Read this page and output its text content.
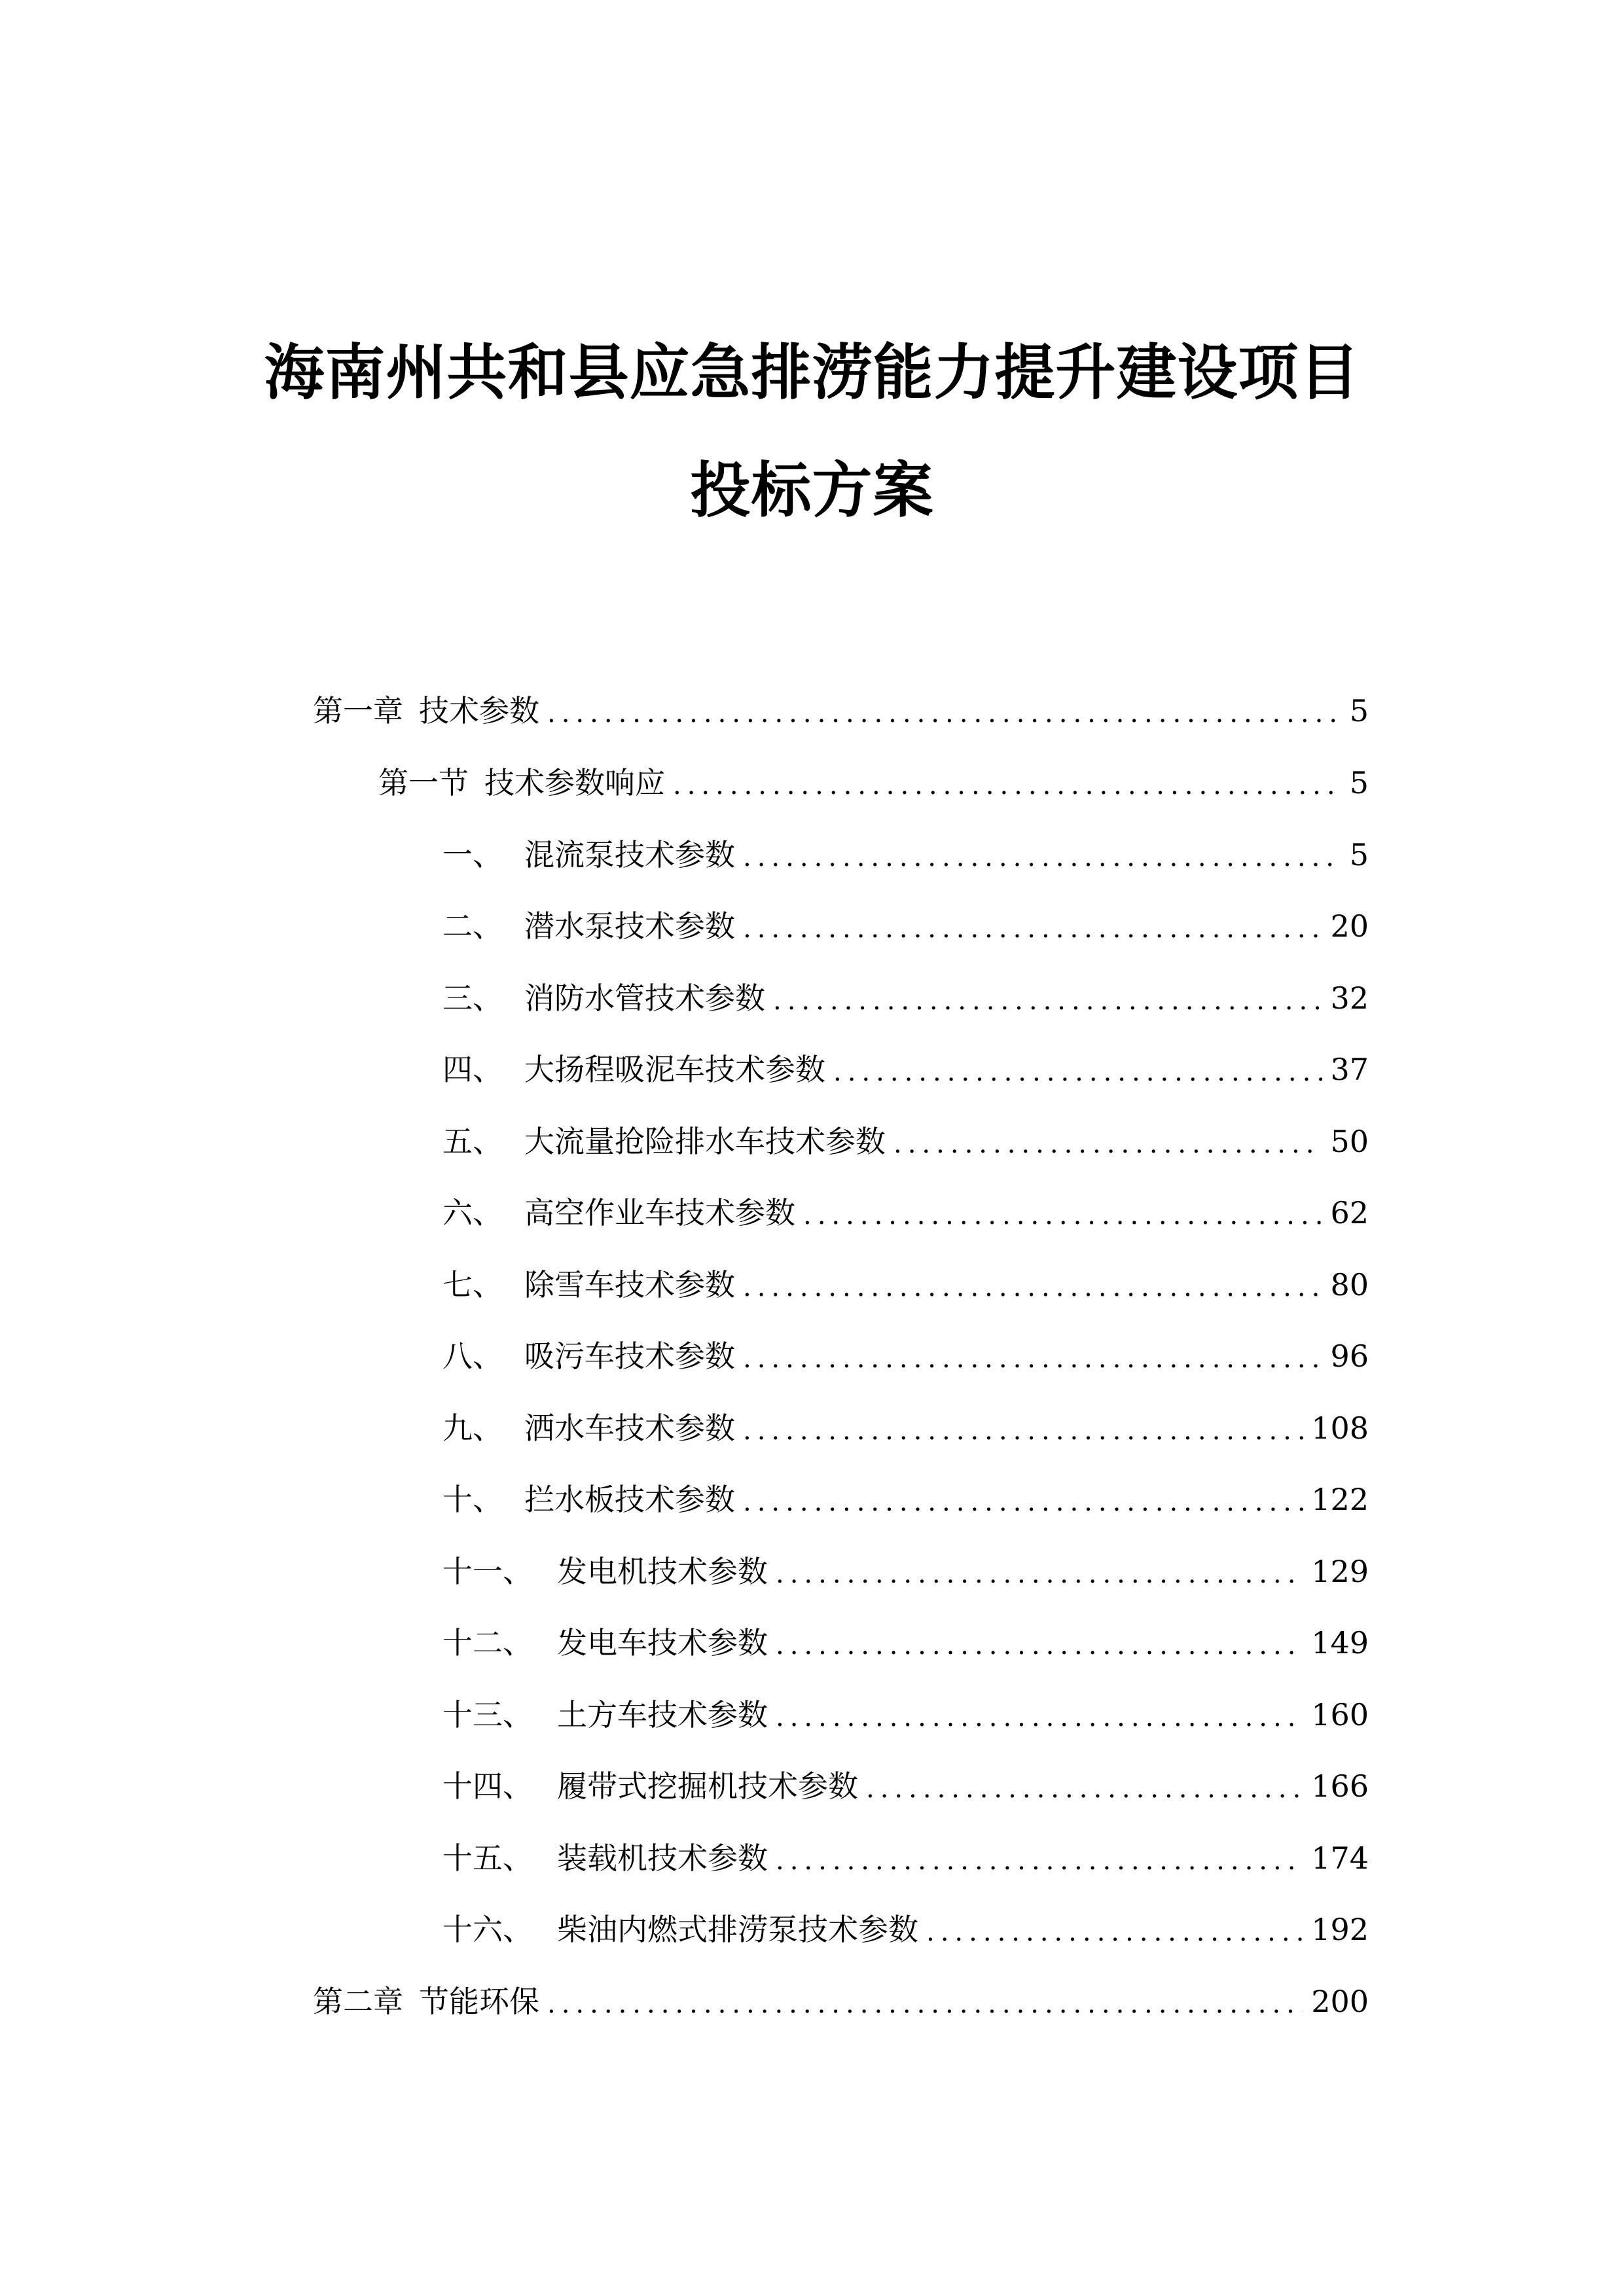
海南州共和县应急排涝能力提升建设项目
投标方案
第一章 技术参数 .....	5
第一节 技术参数响应 .....	5
一、 混流泵技术参数 .....	5
二、 潜水泵技术参数 .....	20
三、 消防水管技术参数 .....	32
四、 大扬程吸泥车技术参数 .....	37
五、 大流量抢险排水车技术参数 .....	50
六、 高空作业车技术参数 .....	62
七、 除雪车技术参数 .....	80
八、 吸污车技术参数 .....	96
九、 洒水车技术参数 .....	108
十、 拦水板技术参数 .....	122
十一、 发电机技术参数 .....	129
十二、 发电车技术参数 .....	149
十三、 土方车技术参数 .....	160
十四、 履带式挖掘机技术参数 .....	166
十五、 装载机技术参数 .....	174
十六、 柴油内燃式排涝泵技术参数 .....	192
第二章 节能环保 .....	200
